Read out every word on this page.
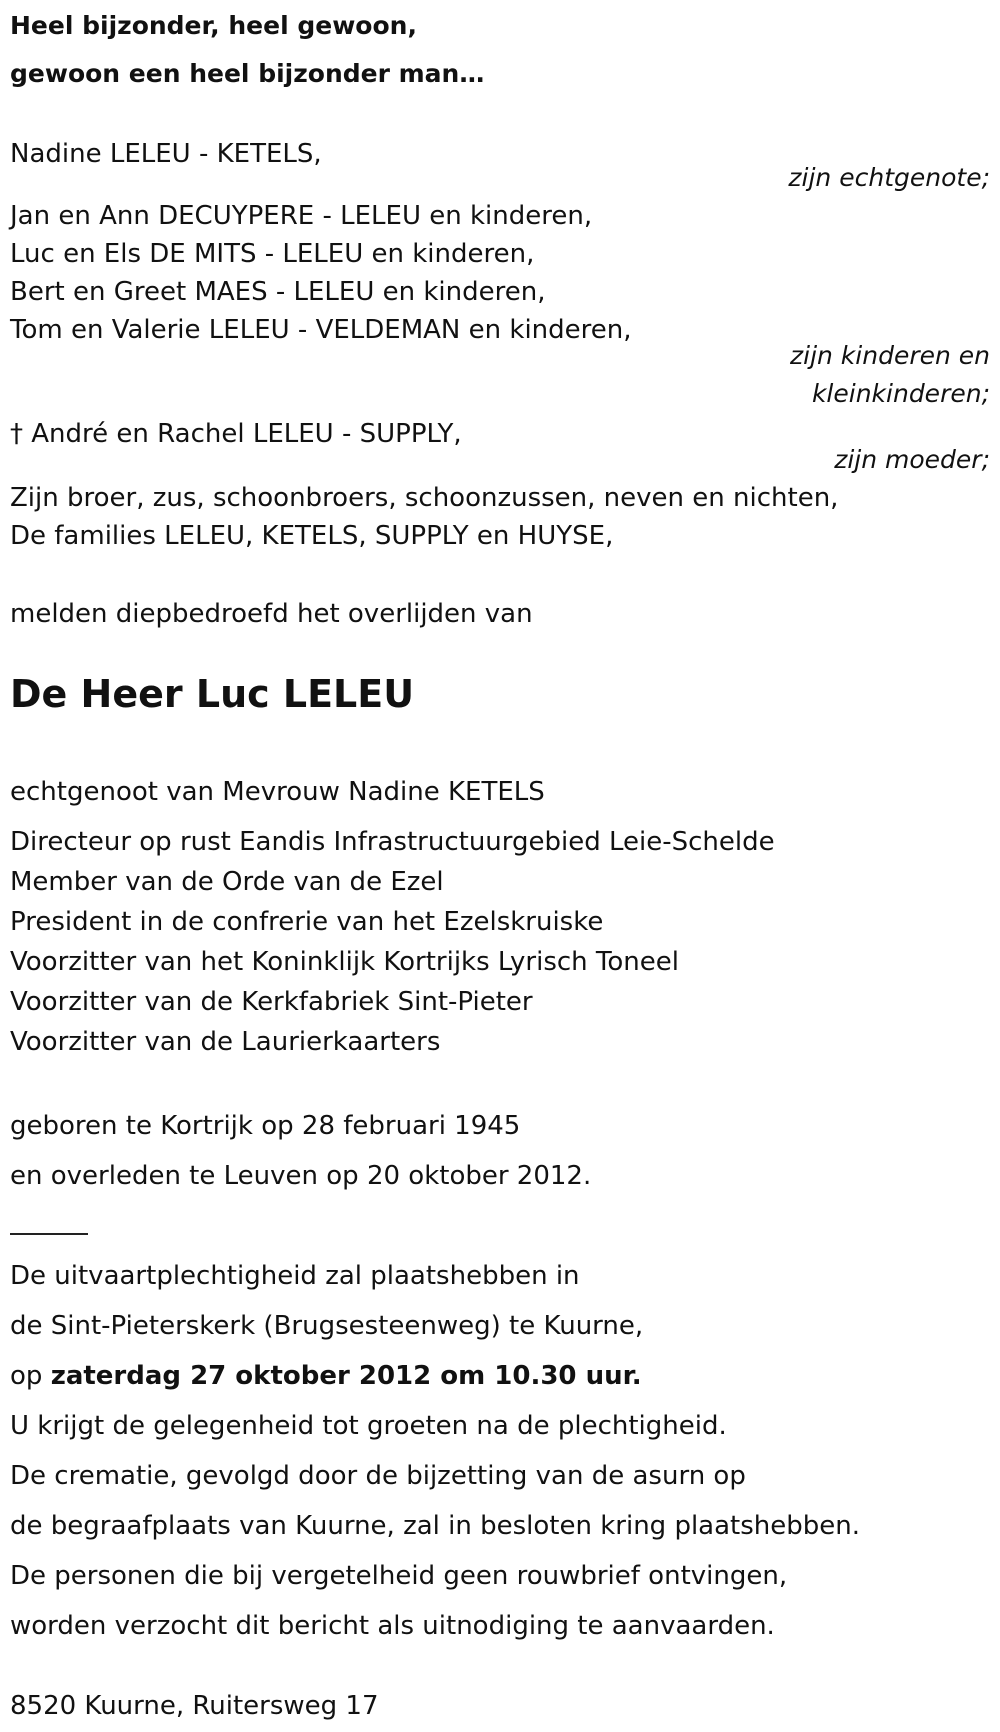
Heel bijzonder, heel gewoon,
gewoon een heel bijzonder man…
Nadine LELEU - KETELS,
zijn echtgenote;
Jan en Ann DECUYPERE - LELEU en kinderen,
Luc en Els DE MITS - LELEU en kinderen,
Bert en Greet MAES - LELEU en kinderen,
Tom en Valerie LELEU - VELDEMAN en kinderen,
zijn kinderen en
kleinkinderen;
† André en Rachel LELEU - SUPPLY,
zijn moeder;
Zijn broer, zus, schoonbroers, schoonzussen, neven en nichten,
De families LELEU, KETELS, SUPPLY en HUYSE,
melden diepbedroefd het overlijden van
De Heer Luc LELEU
echtgenoot van Mevrouw Nadine KETELS
Directeur op rust Eandis Infrastructuurgebied Leie-Schelde
Member van de Orde van de Ezel
President in de confrerie van het Ezelskruiske
Voorzitter van het Koninklijk Kortrijks Lyrisch Toneel
Voorzitter van de Kerkfabriek Sint-Pieter
Voorzitter van de Laurierkaarters
geboren te Kortrijk op 28 februari 1945
en overleden te Leuven op 20 oktober 2012.
De uitvaartplechtigheid zal plaatshebben in
de Sint-Pieterskerk (Brugsesteenweg) te Kuurne,
op zaterdag 27 oktober 2012 om 10.30 uur.
U krijgt de gelegenheid tot groeten na de plechtigheid.
De crematie, gevolgd door de bijzetting van de asurn op
de begraafplaats van Kuurne, zal in besloten kring plaatshebben.
De personen die bij vergetelheid geen rouwbrief ontvingen,
worden verzocht dit bericht als uitnodiging te aanvaarden.
8520 Kuurne, Ruitersweg 17
